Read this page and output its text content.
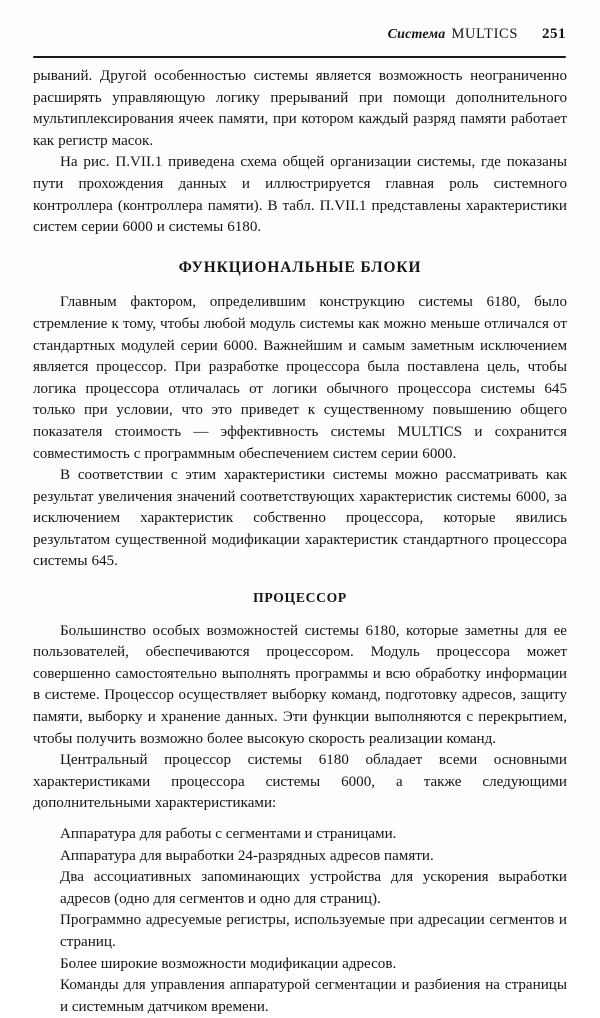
Система MULTICS 251

рываний. Другой особенностью системы является возможность неограниченно расширять управляющую логику прерываний при помощи дополнительного мультиплексирования ячеек памяти, при котором каждый разряд памяти работает как регистр масок.

На рис. П.VII.1 приведена схема общей организации системы, где показаны пути прохождения данных и иллюстрируется главная роль системного контроллера (контроллера памяти). В табл. П.VII.1 представлены характеристики систем серии 6000 и системы 6180.

ФУНКЦИОНАЛЬНЫЕ БЛОКИ

Главным фактором, определившим конструкцию системы 6180, было стремление к тому, чтобы любой модуль системы как можно меньше отличался от стандартных модулей серии 6000. Важнейшим и самым заметным исключением является процессор. При разработке процессора была поставлена цель, чтобы логика процессора отличалась от логики обычного процессора системы 645 только при условии, что это приведет к существенному повышению общего показателя стоимость — эффективность системы MULTICS и сохранится совместимость с программным обеспечением систем серии 6000.

В соответствии с этим характеристики системы можно рассматривать как результат увеличения значений соответствующих характеристик системы 6000, за исключением характеристик собственно процессора, которые явились результатом существенной модификации характеристик стандартного процессора системы 645.

ПРОЦЕССОР

Большинство особых возможностей системы 6180, которые заметны для ее пользователей, обеспечиваются процессором. Модуль процессора может совершенно самостоятельно выполнять программы и всю обработку информации в системе. Процессор осуществляет выборку команд, подготовку адресов, защиту памяти, выборку и хранение данных. Эти функции выполняются с перекрытием, чтобы получить возможно более высокую скорость реализации команд.

Центральный процессор системы 6180 обладает всеми основными характеристиками процессора системы 6000, а также следующими дополнительными характеристиками:

Аппаратура для работы с сегментами и страницами.
Аппаратура для выработки 24-разрядных адресов памяти.
Два ассоциативных запоминающих устройства для ускорения выработки адресов (одно для сегментов и одно для страниц).
Программно адресуемые регистры, используемые при адресации сегментов и страниц.
Более широкие возможности модификации адресов.
Команды для управления аппаратурой сегментации и разбиения на страницы и системным датчиком времени.
